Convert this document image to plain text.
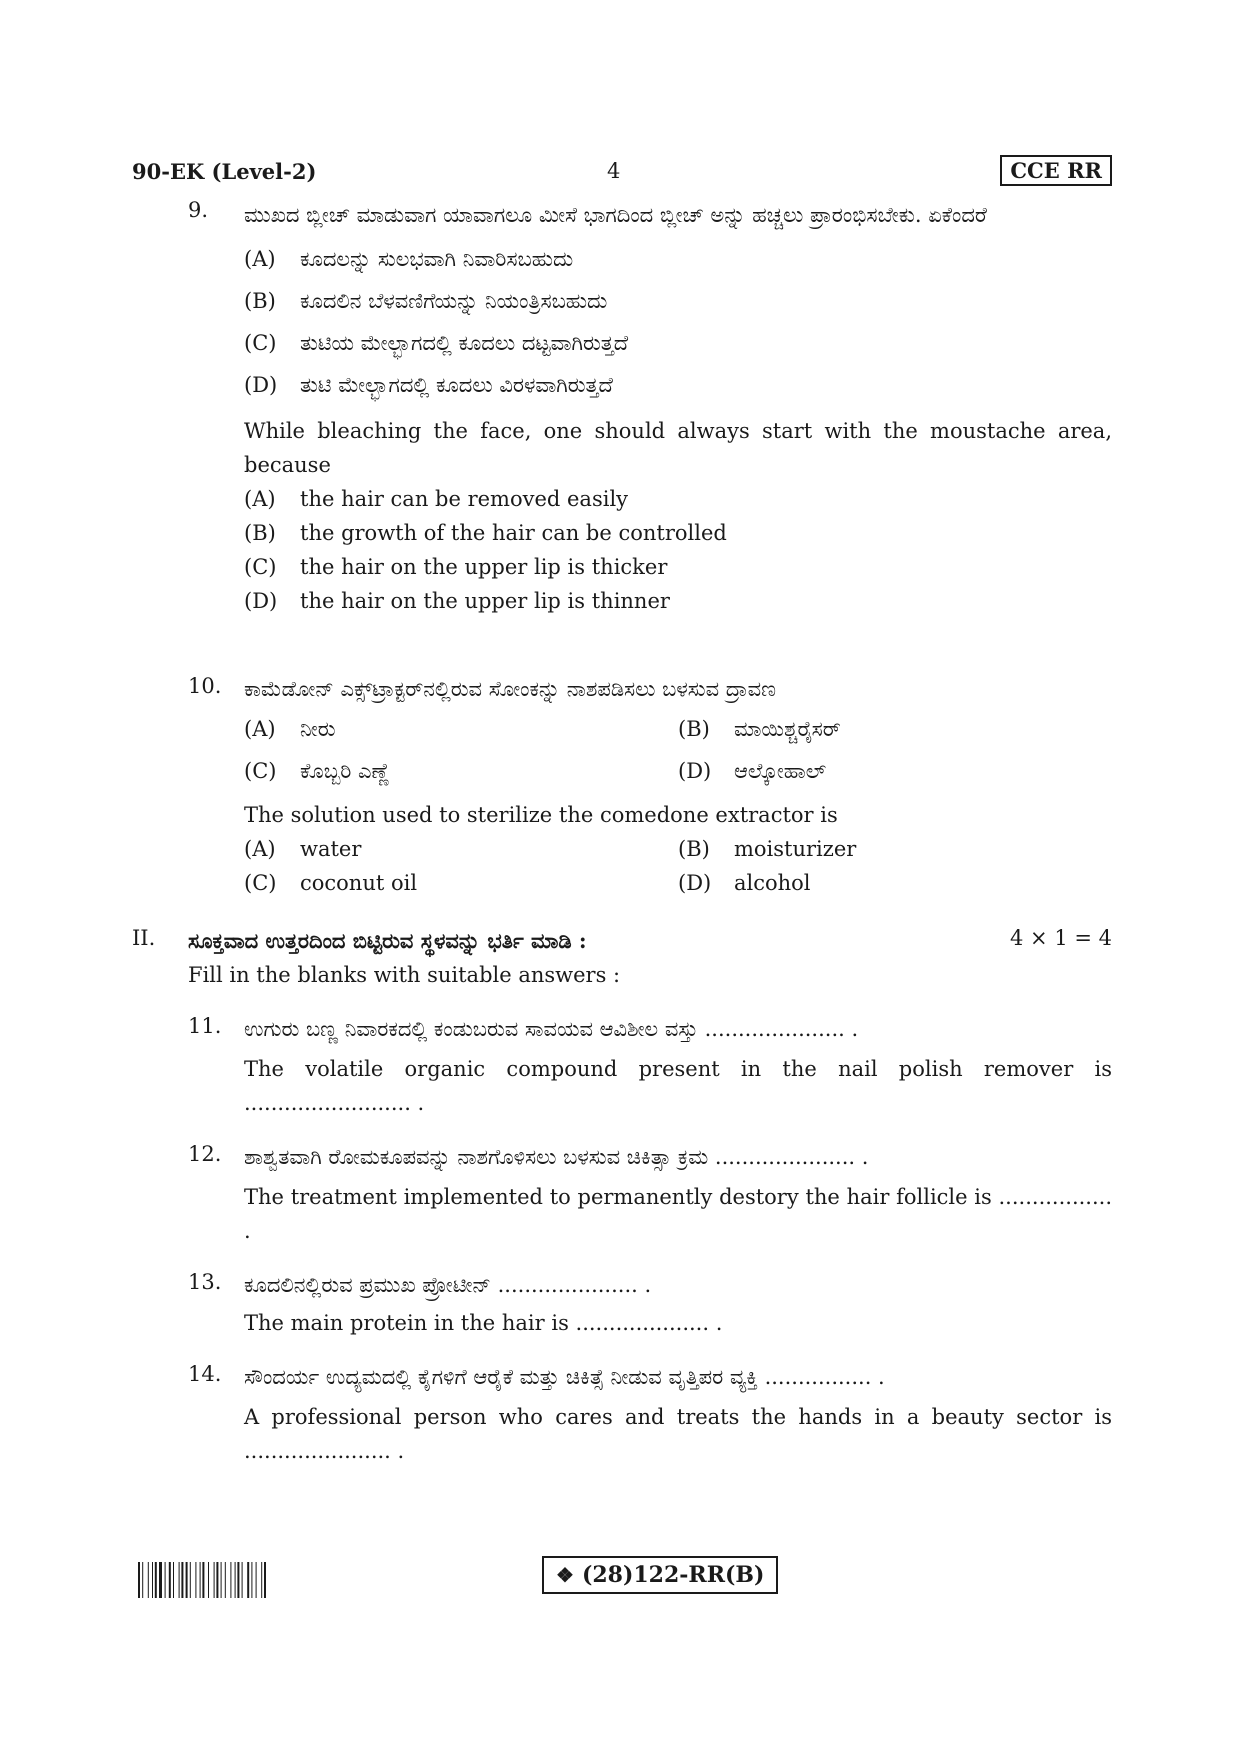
90-EK (Level-2)	4	CCE RR
9. ಮುಖದ ಬ್ಲೀಚ್ ಮಾಡುವಾಗ ಯಾವಾಗಲೂ ಮೀಸೆ ಭಾಗದಿಂದ ಬ್ಲೀಚ್ ಅನ್ನು ಹಚ್ಚಲು ಪ್ರಾರಂಭಿಸಬೇಕು. ಏಕೆಂದರೆ
(A) ಕೂದಲನ್ನು ಸುಲಭವಾಗಿ ನಿವಾರಿಸಬಹುದು
(B) ಕೂದಲಿನ ಬೆಳವಣಿಗೆಯನ್ನು ನಿಯಂತ್ರಿಸಬಹುದು
(C) ತುಟಿಯ ಮೇಲ್ಭಾಗದಲ್ಲಿ ಕೂದಲು ದಟ್ಟವಾಗಿರುತ್ತದೆ
(D) ತುಟಿ ಮೇಲ್ಭಾಗದಲ್ಲಿ ಕೂದಲು ವಿರಳವಾಗಿರುತ್ತದೆ
While bleaching the face, one should always start with the moustache area, because
(A) the hair can be removed easily
(B) the growth of the hair can be controlled
(C) the hair on the upper lip is thicker
(D) the hair on the upper lip is thinner
10. ಕಾಮೆಡೋನ್ ಎಕ್ಸ್‌ಟ್ರಾಕ್ಟರ್‌ನಲ್ಲಿರುವ ಸೋಂಕನ್ನು ನಾಶಪಡಿಸಲು ಬಳಸುವ ದ್ರಾವಣ
(A) ನೀರು	(B) ಮಾಯಿಶ್ಚರೈಸರ್
(C) ಕೊಬ್ಬರಿ ಎಣ್ಣೆ	(D) ಆಲ್ಕೋಹಾಲ್
The solution used to sterilize the comedone extractor is
(A) water	(B) moisturizer
(C) coconut oil	(D) alcohol
II.	4 × 1 = 4
ಸೂಕ್ತವಾದ ಉತ್ತರದಿಂದ ಬಿಟ್ಟಿರುವ ಸ್ಥಳವನ್ನು ಭರ್ತಿ ಮಾಡಿ :
Fill in the blanks with suitable answers :
11. ಉಗುರು ಬಣ್ಣ ನಿವಾರಕದಲ್ಲಿ ಕಂಡುಬರುವ ಸಾವಯವ ಆವಿಶೀಲ ವಸ್ತು ..................... .
The volatile organic compound present in the nail polish remover is ......................... .
12. ಶಾಶ್ವತವಾಗಿ ರೋಮಕೂಪವನ್ನು ನಾಶಗೊಳಿಸಲು ಬಳಸುವ ಚಿಕಿತ್ಸಾ ಕ್ರಮ ..................... .
The treatment implemented to permanently destory the hair follicle is ................. .
13. ಕೂದಲಿನಲ್ಲಿರುವ ಪ್ರಮುಖ ಪ್ರೋಟೀನ್ ..................... .
The main protein in the hair is .................... .
14. ಸೌಂದರ್ಯ ಉದ್ಯಮದಲ್ಲಿ ಕೈಗಳಿಗೆ ಆರೈಕೆ ಮತ್ತು ಚಿಕಿತ್ಸೆ ನೀಡುವ ವೃತ್ತಿಪರ ವ್ಯಕ್ತಿ ................ .
A professional person who cares and treats the hands in a beauty sector is ...................... .
❖ (28)122-RR(B)
